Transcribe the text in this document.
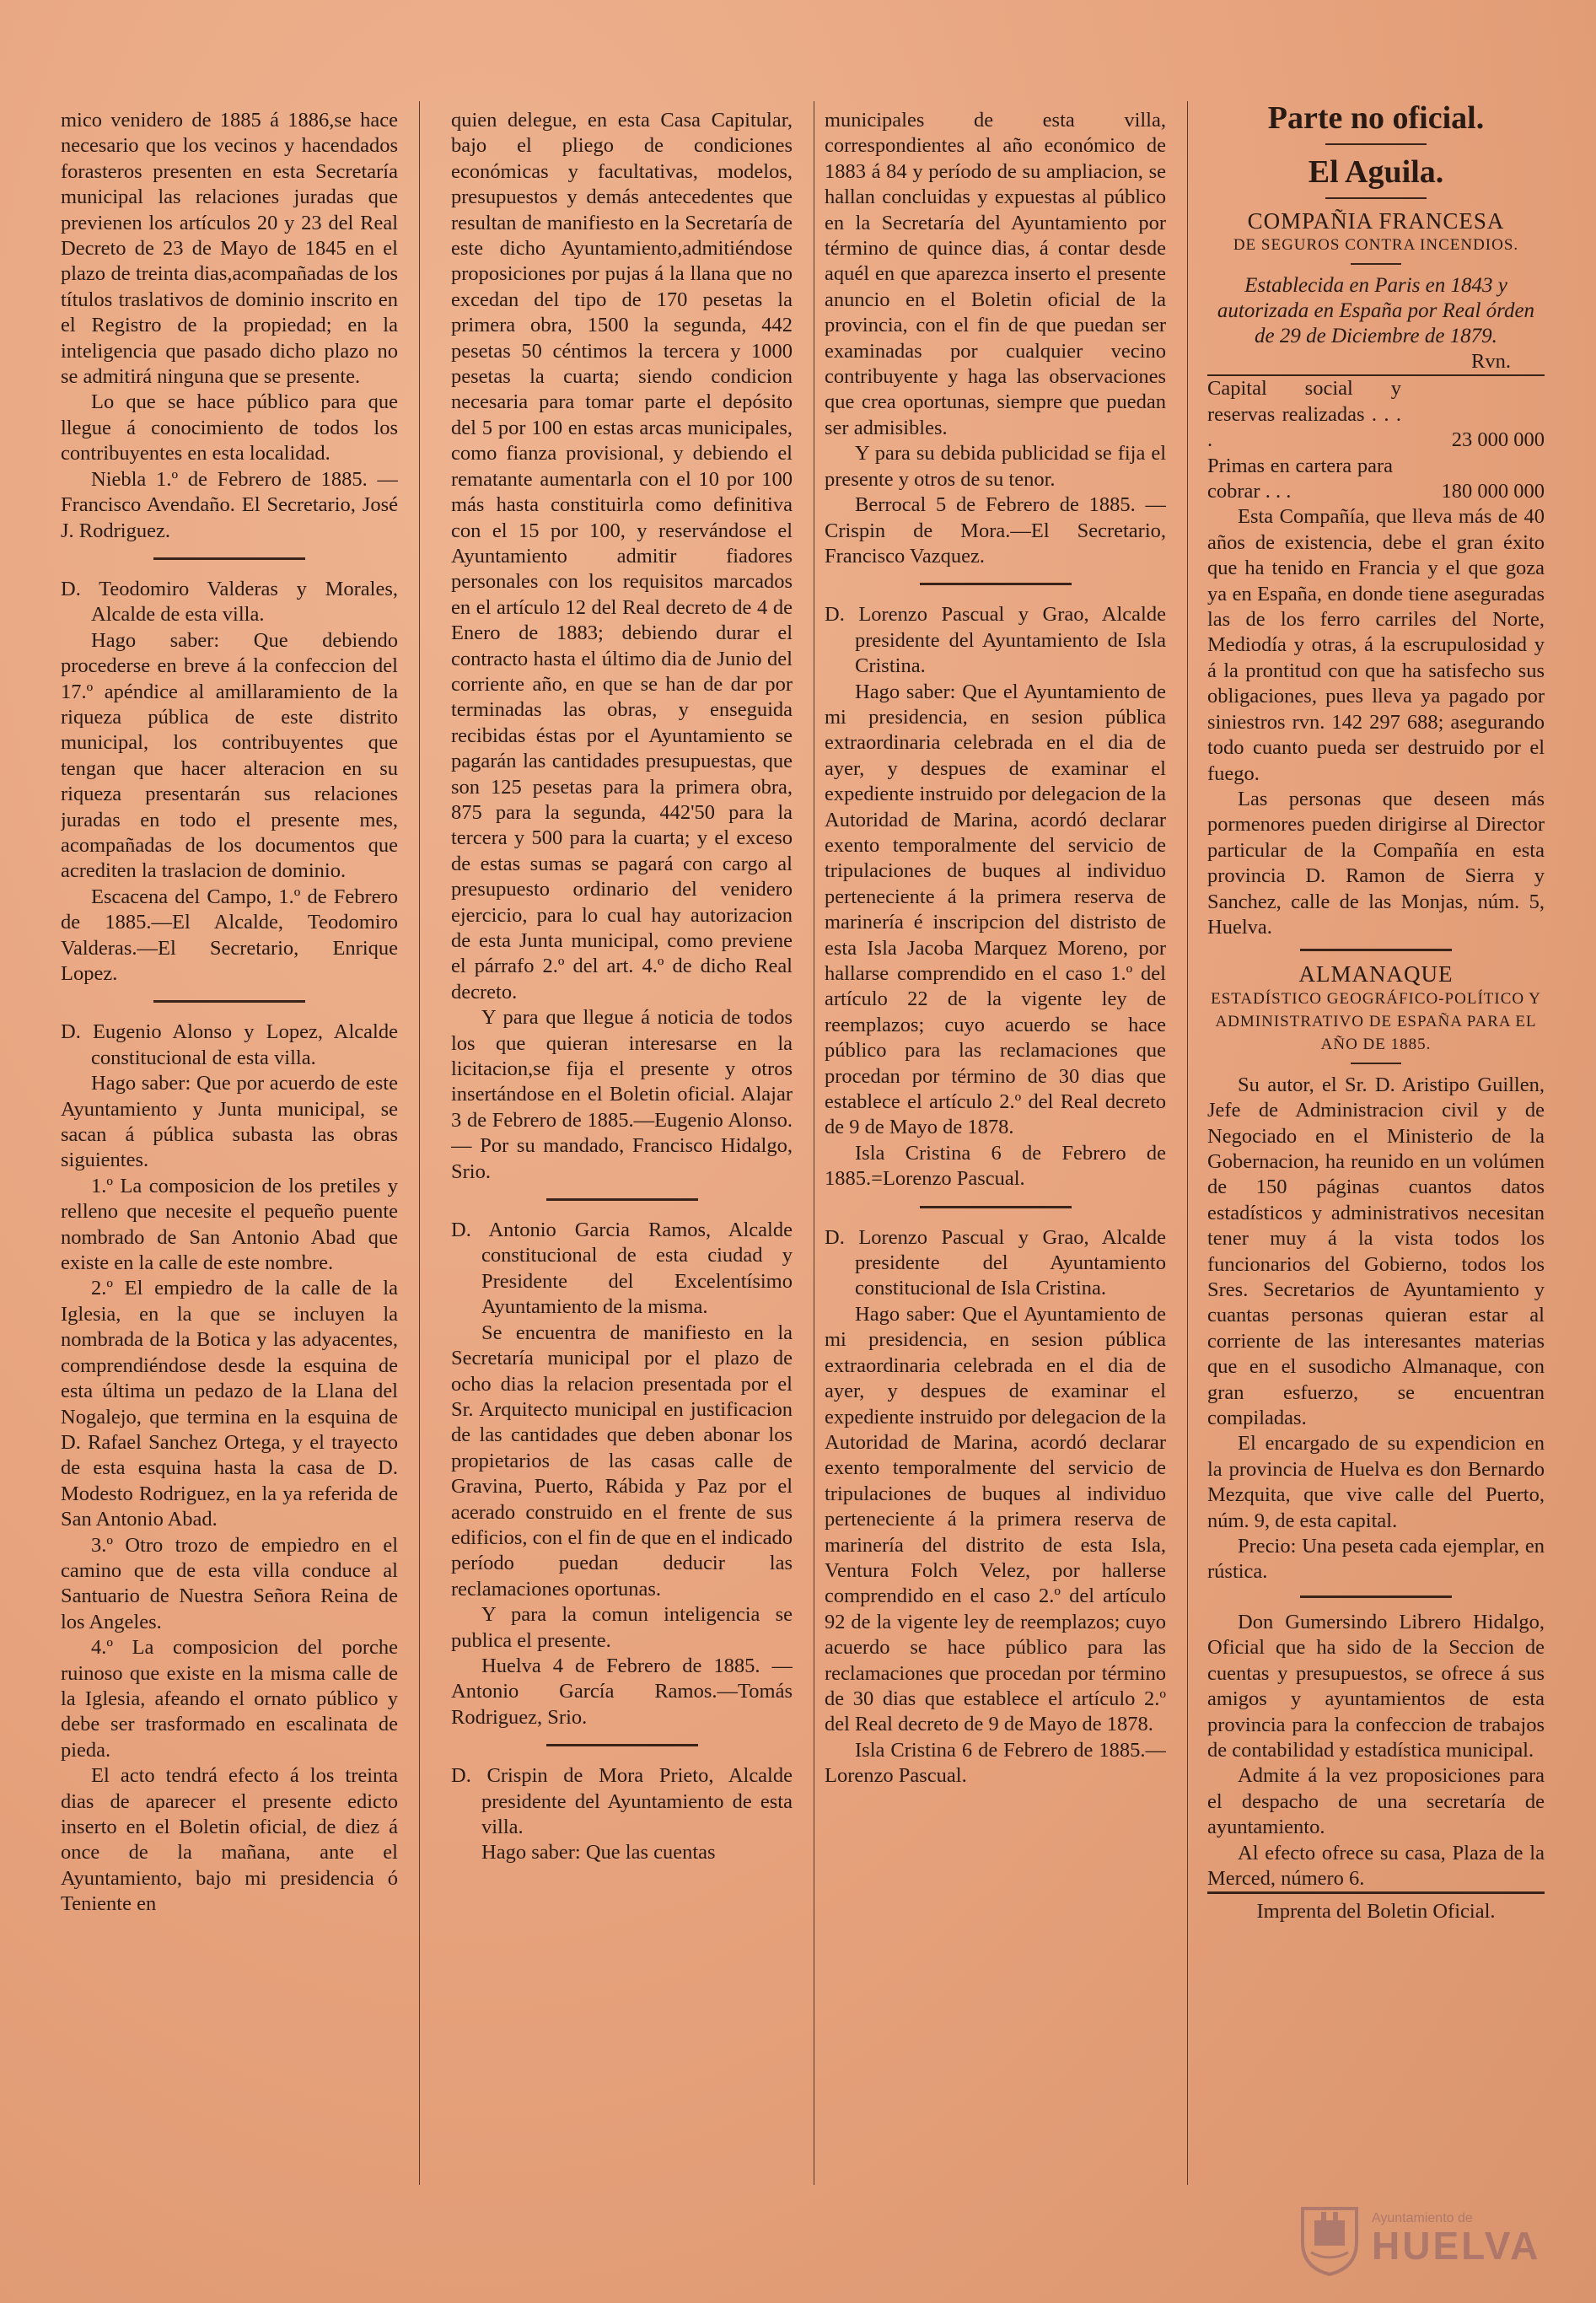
mico venidero de 1885 á 1886,se hace necesario que los vecinos y hacendados forasteros presenten en esta Secretaría municipal las relaciones juradas que previenen los artículos 20 y 23 del Real Decreto de 23 de Mayo de 1845 en el plazo de treinta dias,acompañadas de los títulos traslativos de dominio inscrito en el Registro de la propiedad; en la inteligencia que pasado dicho plazo no se admitirá ninguna que se presente.

Lo que se hace público para que llegue á conocimiento de todos los contribuyentes en esta localidad.

Niebla 1.º de Febrero de 1885. —Francisco Avendaño. El Secretario, José J. Rodriguez.

D. Teodomiro Valderas y Morales, Alcalde de esta villa.

Hago saber: Que debiendo procederse en breve á la confeccion del 17.º apéndice al amillaramiento de la riqueza pública de este distrito municipal, los contribuyentes que tengan que hacer alteracion en su riqueza presentarán sus relaciones juradas en todo el presente mes, acompañadas de los documentos que acrediten la traslacion de dominio.

Escacena del Campo, 1.º de Febrero de 1885.—El Alcalde, Teodomiro Valderas.—El Secretario, Enrique Lopez.

D. Eugenio Alonso y Lopez, Alcalde constitucional de esta villa.

Hago saber: Que por acuerdo de este Ayuntamiento y Junta municipal, se sacan á pública subasta las obras siguientes.

1.º La composicion de los pretiles y relleno que necesite el pequeño puente nombrado de San Antonio Abad que existe en la calle de este nombre.

2.º El empiedro de la calle de la Iglesia, en la que se incluyen la nombrada de la Botica y las adyacentes, comprendiéndose desde la esquina de esta última un pedazo de la Llana del Nogalejo, que termina en la esquina de D. Rafael Sanchez Ortega, y el trayecto de esta esquina hasta la casa de D. Modesto Rodriguez, en la ya referida de San Antonio Abad.

3.º Otro trozo de empiedro en el camino que de esta villa conduce al Santuario de Nuestra Señora Reina de los Angeles.

4.º La composicion del porche ruinoso que existe en la misma calle de la Iglesia, afeando el ornato público y debe ser trasformado en escalinata de pieda.

El acto tendrá efecto á los treinta dias de aparecer el presente edicto inserto en el Boletin oficial, de diez á once de la mañana, ante el Ayuntamiento, bajo mi presidencia ó Teniente en

quien delegue, en esta Casa Capitular, bajo el pliego de condiciones económicas y facultativas, modelos, presupuestos y demás antecedentes que resultan de manifiesto en la Secretaría de este dicho Ayuntamiento,admitiéndose proposiciones por pujas á la llana que no excedan del tipo de 170 pesetas la primera obra, 1500 la segunda, 442 pesetas 50 céntimos la tercera y 1000 pesetas la cuarta; siendo condicion necesaria para tomar parte el depósito del 5 por 100 en estas arcas municipales, como fianza provisional, y debiendo el rematante aumentarla con el 10 por 100 más hasta constituirla como definitiva con el 15 por 100, y reservándose el Ayuntamiento admitir fiadores personales con los requisitos marcados en el artículo 12 del Real decreto de 4 de Enero de 1883; debiendo durar el contracto hasta el último dia de Junio del corriente año, en que se han de dar por terminadas las obras, y enseguida recibidas éstas por el Ayuntamiento se pagarán las cantidades presupuestas, que son 125 pesetas para la primera obra, 875 para la segunda, 442'50 para la tercera y 500 para la cuarta; y el exceso de estas sumas se pagará con cargo al presupuesto ordinario del venidero ejercicio, para lo cual hay autorizacion de esta Junta municipal, como previene el párrafo 2.º del art. 4.º de dicho Real decreto.

Y para que llegue á noticia de todos los que quieran interesarse en la licitacion,se fija el presente y otros insertándose en el Boletin oficial. Alajar 3 de Febrero de 1885.—Eugenio Alonso.— Por su mandado, Francisco Hidalgo, Srio.

D. Antonio Garcia Ramos, Alcalde constitucional de esta ciudad y Presidente del Excelentísimo Ayuntamiento de la misma.

Se encuentra de manifiesto en la Secretaría municipal por el plazo de ocho dias la relacion presentada por el Sr. Arquitecto municipal en justificacion de las cantidades que deben abonar los propietarios de las casas calle de Gravina, Puerto, Rábida y Paz por el acerado construido en el frente de sus edificios, con el fin de que en el indicado período puedan deducir las reclamaciones oportunas.

Y para la comun inteligencia se publica el presente.

Huelva 4 de Febrero de 1885. —Antonio García Ramos.—Tomás Rodriguez, Srio.

D. Crispin de Mora Prieto, Alcalde presidente del Ayuntamiento de esta villa.

Hago saber: Que las cuentas

municipales de esta villa, correspondientes al año económico de 1883 á 84 y período de su ampliacion, se hallan concluidas y expuestas al público en la Secretaría del Ayuntamiento por término de quince dias, á contar desde aquél en que aparezca inserto el presente anuncio en el Boletin oficial de la provincia, con el fin de que puedan ser examinadas por cualquier vecino contribuyente y haga las observaciones que crea oportunas, siempre que puedan ser admisibles.

Y para su debida publicidad se fija el presente y otros de su tenor.

Berrocal 5 de Febrero de 1885. —Crispin de Mora.—El Secretario, Francisco Vazquez.

D. Lorenzo Pascual y Grao, Alcalde presidente del Ayuntamiento de Isla Cristina.

Hago saber: Que el Ayuntamiento de mi presidencia, en sesion pública extraordinaria celebrada en el dia de ayer, y despues de examinar el expediente instruido por delegacion de la Autoridad de Marina, acordó declarar exento temporalmente del servicio de tripulaciones de buques al individuo perteneciente á la primera reserva de marinería é inscripcion del distristo de esta Isla Jacoba Marquez Moreno, por hallarse comprendido en el caso 1.º del artículo 22 de la vigente ley de reemplazos; cuyo acuerdo se hace público para las reclamaciones que procedan por término de 30 dias que establece el artículo 2.º del Real decreto de 9 de Mayo de 1878.

Isla Cristina 6 de Febrero de 1885.=Lorenzo Pascual.

D. Lorenzo Pascual y Grao, Alcalde presidente del Ayuntamiento constitucional de Isla Cristina.

Hago saber: Que el Ayuntamiento de mi presidencia, en sesion pública extraordinaria celebrada en el dia de ayer, y despues de examinar el expediente instruido por delegacion de la Autoridad de Marina, acordó declarar exento temporalmente del servicio de tripulaciones de buques al individuo perteneciente á la primera reserva de marinería del distrito de esta Isla, Ventura Folch Velez, por hallerse comprendido en el caso 2.º del artículo 92 de la vigente ley de reemplazos; cuyo acuerdo se hace público para las reclamaciones que procedan por término de 30 dias que establece el artículo 2.º del Real decreto de 9 de Mayo de 1878.

Isla Cristina 6 de Febrero de 1885.—Lorenzo Pascual.

Parte no oficial.

El Aguila.

COMPAÑIA FRANCESA

DE SEGUROS CONTRA INCENDIOS.

Establecida en Paris en 1843 y autorizada en España por Real órden de 29 de Diciembre de 1879.

Rvn.

Capital social y reservas realizadas . . . .	23 000 000
Primas en cartera para cobrar . . .	180 000 000

Esta Compañía, que lleva más de 40 años de existencia, debe el gran éxito que ha tenido en Francia y el que goza ya en España, en donde tiene aseguradas las de los ferro carriles del Norte, Mediodía y otras, á la escrupulosidad y á la prontitud con que ha satisfecho sus obligaciones, pues lleva ya pagado por siniestros rvn. 142 297 688; asegurando todo cuanto pueda ser destruido por el fuego.

Las personas que deseen más pormenores pueden dirigirse al Director particular de la Compañía en esta provincia D. Ramon de Sierra y Sanchez, calle de las Monjas, núm. 5, Huelva.

ALMANAQUE

ESTADÍSTICO GEOGRÁFICO-POLÍTICO Y ADMINISTRATIVO DE ESPAÑA PARA EL AÑO DE 1885.

Su autor, el Sr. D. Aristipo Guillen, Jefe de Administracion civil y de Negociado en el Ministerio de la Gobernacion, ha reunido en un volúmen de 150 páginas cuantos datos estadísticos y administrativos necesitan tener muy á la vista todos los funcionarios del Gobierno, todos los Sres. Secretarios de Ayuntamiento y cuantas personas quieran estar al corriente de las interesantes materias que en el susodicho Almanaque, con gran esfuerzo, se encuentran compiladas.

El encargado de su expendicion en la provincia de Huelva es don Bernardo Mezquita, que vive calle del Puerto, núm. 9, de esta capital.

Precio: Una peseta cada ejemplar, en rústica.

Don Gumersindo Librero Hidalgo, Oficial que ha sido de la Seccion de cuentas y presupuestos, se ofrece á sus amigos y ayuntamientos de esta provincia para la confeccion de trabajos de contabilidad y estadística municipal.

Admite á la vez proposiciones para el despacho de una secretaría de ayuntamiento.

Al efecto ofrece su casa, Plaza de la Merced, número 6.

Imprenta del Boletin Oficial.

Ayuntamiento de
HUELVA
